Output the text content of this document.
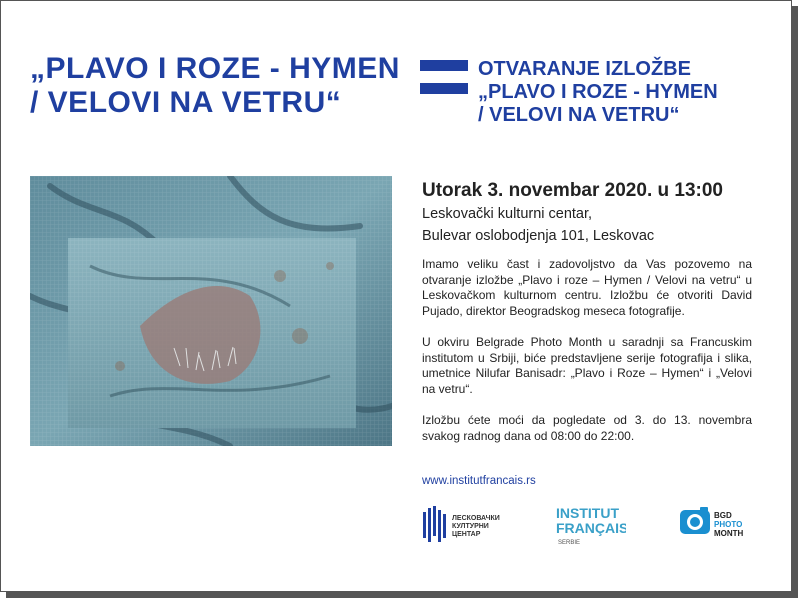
„PLAVO I ROZE - HYMEN
/ VELOVI NA VETRU“
OTVARANJE IZLOŽBE
„PLAVO I ROZE - HYMEN
/ VELOVI NA VETRU“
Utorak 3. novembar 2020. u 13:00
Leskovački kulturni centar,
Bulevar oslobodjenja 101, Leskovac

Imamo veliku čast i zadovoljstvo da Vas pozovemo na otvaranje izložbe „Plavo i roze – Hymen / Velovi na vetru“ u Leskovačkom kulturnom centru. Izložbu će otvoriti David Pujado, direktor Beogradskog meseca fotografije.

U okviru Belgrade Photo Month u saradnji sa Francuskim institutom u Srbiji, biće predstavljene serije fotografija i slika, umetnice Nilufar Banisadr: „Plavo i Roze – Hymen“ i „Velovi na vetru“.

Izložbu ćete moći da pogledate od 3. do 13. novembra svakog radnog dana od 08:00 do 22:00.

www.institutfrancais.rs
ЛЕСКОВАЧКИ
КУЛТУРНИ
ЦЕНТАР
INSTITUT
FRANÇAIS
SERBIE
BGD
PHOTO
MONTH
